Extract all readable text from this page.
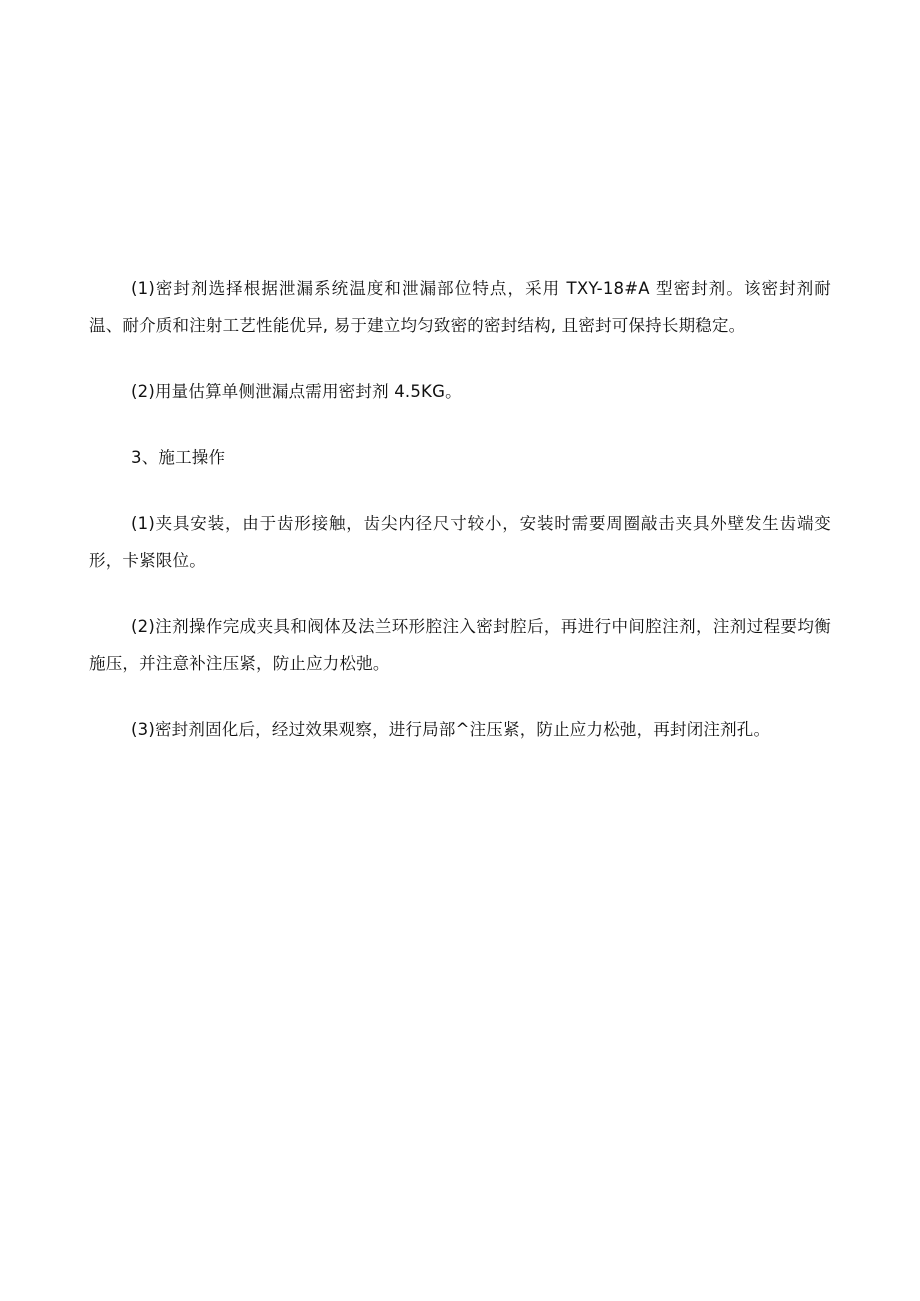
(1)密封剂选择根据泄漏系统温度和泄漏部位特点，采用 TXY-18#A 型密封剂。该密封剂耐温、耐介质和注射工艺性能优异, 易于建立均匀致密的密封结构, 且密封可保持长期稳定。

(2)用量估算单侧泄漏点需用密封剂 4.5KG。

3、施工操作

(1)夹具安装，由于齿形接触，齿尖内径尺寸较小，安装时需要周圈敲击夹具外壁发生齿端变形，卡紧限位。

(2)注剂操作完成夹具和阀体及法兰环形腔注入密封腔后，再进行中间腔注剂，注剂过程要均衡施压，并注意补注压紧，防止应力松弛。

(3)密封剂固化后，经过效果观察，进行局部^注压紧，防止应力松弛，再封闭注剂孔。
